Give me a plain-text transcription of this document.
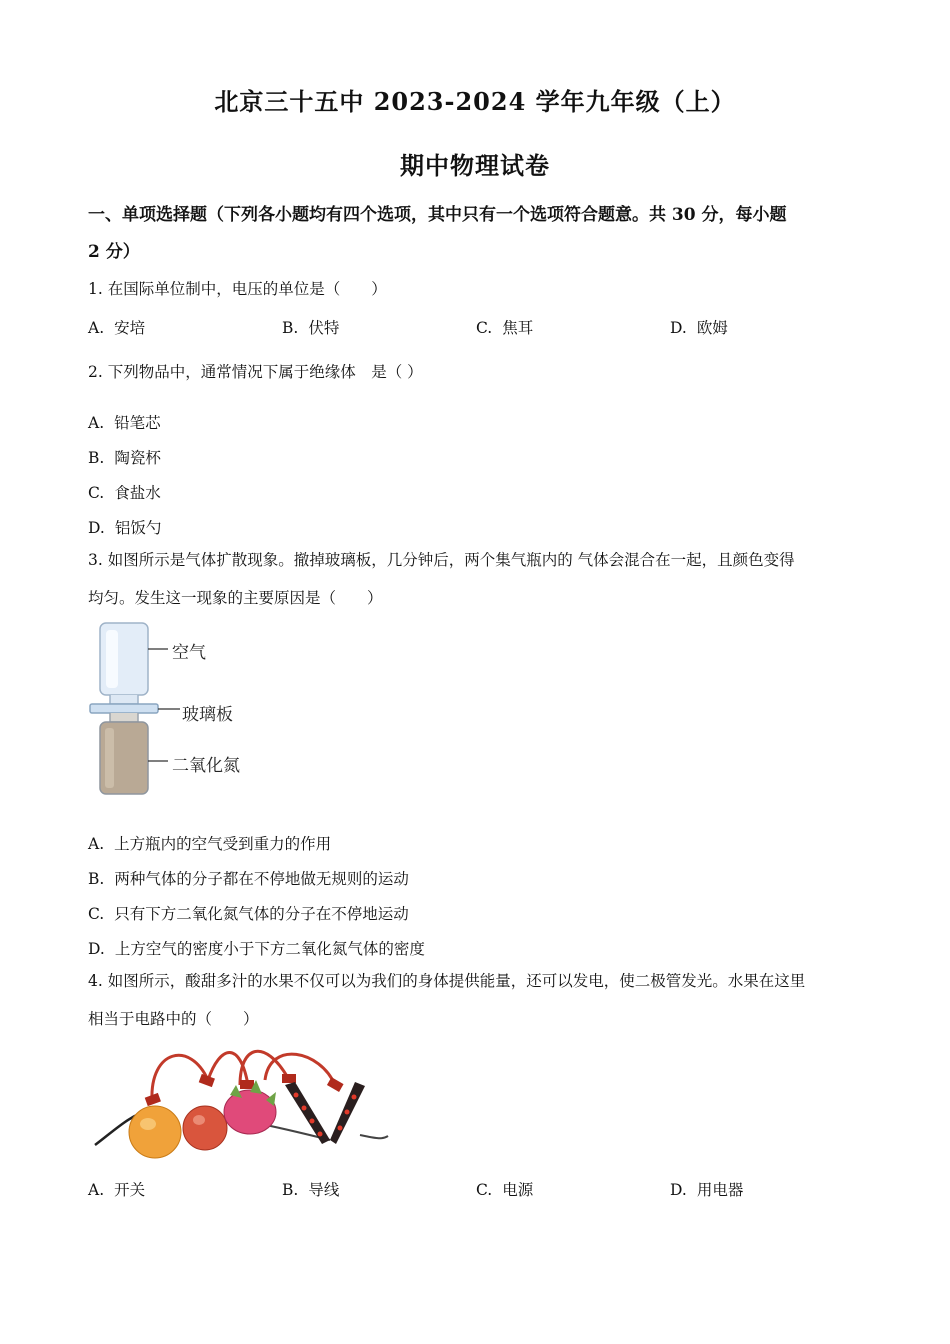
北京三十五中 2023-2024 学年九年级（上）
期中物理试卷
一、单项选择题（下列各小题均有四个选项，其中只有一个选项符合题意。共 30 分，每小题
2 分）
1. 在国际单位制中，电压的单位是（　　）
A. 安培	B. 伏特	C. 焦耳	D. 欧姆
2. 下列物品中，通常情况下属于绝缘体　是（ ）
A. 铅笔芯
B. 陶瓷杯
C. 食盐水
D. 铝饭勺
3. 如图所示是气体扩散现象。撤掉玻璃板，几分钟后，两个集气瓶内的 气体会混合在一起，且颜色变得
均匀。发生这一现象的主要原因是（　　）
空气
玻璃板
二氧化氮
A. 上方瓶内的空气受到重力的作用
B. 两种气体的分子都在不停地做无规则的运动
C. 只有下方二氧化氮气体的分子在不停地运动
D. 上方空气的密度小于下方二氧化氮气体的密度
4. 如图所示，酸甜多汁的水果不仅可以为我们的身体提供能量，还可以发电，使二极管发光。水果在这里
相当于电路中的（　　）
A. 开关	B. 导线	C. 电源	D. 用电器
